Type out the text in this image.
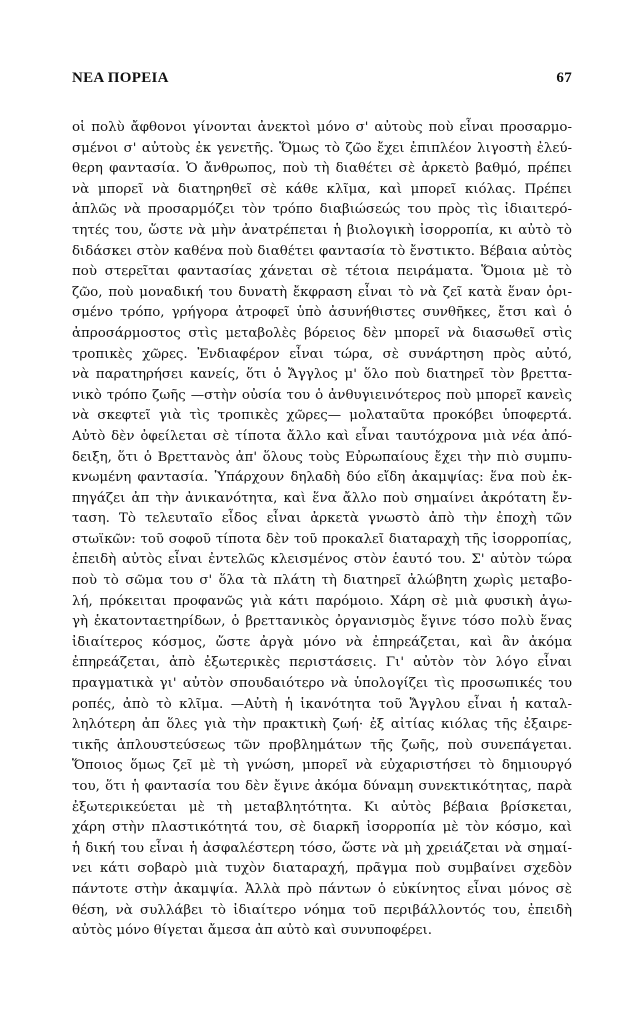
ΝΕΑ ΠΟΡΕΙΑ	67
οἱ πολὺ ἄφθονοι γίνονται ἀνεκτοὶ μόνο σ' αὐτοὺς ποὺ εἶναι προσαρμο-
σμένοι σ' αὐτοὺς ἐκ γενετῆς. Ὅμως τὸ ζῶο ἔχει ἐπιπλέον λιγοστὴ ἐλεύ-
θερη φαντασία. Ὁ ἄνθρωπος, ποὺ τὴ διαθέτει σὲ ἀρκετὸ βαθμό, πρέπει
νὰ μπορεῖ νὰ διατηρηθεῖ σὲ κάθε κλῖμα, καὶ μπορεῖ κιόλας. Πρέπει
ἁπλῶς νὰ προσαρμόζει τὸν τρόπο διαβιώσεώς του πρὸς τὶς ἰδιαιτερό-
τητές του, ὥστε νὰ μὴν ἀνατρέπεται ἡ βιολογικὴ ἰσορροπία, κι αὐτὸ τὸ
διδάσκει στὸν καθένα ποὺ διαθέτει φαντασία τὸ ἔνστικτο. Βέβαια αὐτὸς
ποὺ στερεῖται φαντασίας χάνεται σὲ τέτοια πειράματα. Ὅμοια μὲ τὸ
ζῶο, ποὺ μοναδική του δυνατὴ ἔκφραση εἶναι τὸ νὰ ζεῖ κατὰ ἕναν ὁρι-
σμένο τρόπο, γρήγορα ἀτροφεῖ ὑπὸ ἀσυνήθιστες συνθῆκες, ἔτσι καὶ ὁ
ἀπροσάρμοστος στὶς μεταβολὲς βόρειος δὲν μπορεῖ νὰ διασωθεῖ στὶς
τροπικὲς χῶρες. Ἐνδιαφέρον εἶναι τώρα, σὲ συνάρτηση πρὸς αὐτό,
νὰ παρατηρήσει κανείς, ὅτι ὁ Ἄγγλος μ' ὅλο ποὺ διατηρεῖ τὸν βρεττα-
νικὸ τρόπο ζωῆς —στὴν οὐσία του ὁ ἀνθυγιεινότερος ποὺ μπορεῖ κανεὶς
νὰ σκεφτεῖ γιὰ τὶς τροπικὲς χῶρες— μολαταῦτα προκόβει ὑποφερτά.
Αὐτὸ δὲν ὀφείλεται σὲ τίποτα ἄλλο καὶ εἶναι ταυτόχρονα μιὰ νέα ἀπό-
δειξη, ὅτι ὁ Βρεττανὸς ἀπ' ὅλους τοὺς Εὐρωπαίους ἔχει τὴν πιὸ συμπυ-
κνωμένη φαντασία. Ὑπάρχουν δηλαδὴ δύο εἴδη ἀκαμψίας: ἕνα ποὺ ἐκ-
πηγάζει ἀπ τὴν ἀνικανότητα, καὶ ἕνα ἄλλο ποὺ σημαίνει ἀκρότατη ἔν-
ταση. Τὸ τελευταῖο εἶδος εἶναι ἀρκετὰ γνωστὸ ἀπὸ τὴν ἐποχὴ τῶν
στωϊκῶν: τοῦ σοφοῦ τίποτα δὲν τοῦ προκαλεῖ διαταραχὴ τῆς ἰσορροπίας,
ἐπειδὴ αὐτὸς εἶναι ἐντελῶς κλεισμένος στὸν ἑαυτό του. Σ' αὐτὸν τώρα
ποὺ τὸ σῶμα του σ' ὅλα τὰ πλάτη τὴ διατηρεῖ ἀλώβητη χωρὶς μεταβο-
λή, πρόκειται προφανῶς γιὰ κάτι παρόμοιο. Χάρη σὲ μιὰ φυσικὴ ἀγω-
γὴ ἑκατονταετηρίδων, ὁ βρεττανικὸς ὀργανισμὸς ἔγινε τόσο πολὺ ἕνας
ἰδιαίτερος κόσμος, ὥστε ἀργὰ μόνο νὰ ἐπηρεάζεται, καὶ ἂν ἀκόμα
ἐπηρεάζεται, ἀπὸ ἐξωτερικὲς περιστάσεις. Γι' αὐτὸν τὸν λόγο εἶναι
πραγματικὰ γι' αὐτὸν σπουδαιότερο νὰ ὑπολογίζει τὶς προσωπικές του
ροπές, ἀπὸ τὸ κλῖμα. —Αὐτὴ ἡ ἱκανότητα τοῦ Ἄγγλου εἶναι ἡ καταλ-
ληλότερη ἀπ ὅλες γιὰ τὴν πρακτικὴ ζωή· ἐξ αἰτίας κιόλας τῆς ἐξαιρε-
τικῆς ἁπλουστεύσεως τῶν προβλημάτων τῆς ζωῆς, ποὺ συνεπάγεται.
Ὅποιος ὅμως ζεῖ μὲ τὴ γνώση, μπορεῖ νὰ εὐχαριστήσει τὸ δημιουργό
του, ὅτι ἡ φαντασία του δὲν ἔγινε ἀκόμα δύναμη συνεκτικότητας, παρὰ
ἐξωτερικεύεται μὲ τὴ μεταβλητότητα. Κι αὐτὸς βέβαια βρίσκεται,
χάρη στὴν πλαστικότητά του, σὲ διαρκῆ ἰσορροπία μὲ τὸν κόσμο, καὶ
ἡ δική του εἶναι ἡ ἀσφαλέστερη τόσο, ὥστε νὰ μὴ χρειάζεται νὰ σημαί-
νει κάτι σοβαρὸ μιὰ τυχὸν διαταραχή, πρᾶγμα ποὺ συμβαίνει σχεδὸν
πάντοτε στὴν ἀκαμψία. Ἀλλὰ πρὸ πάντων ὁ εὐκίνητος εἶναι μόνος σὲ
θέση, νὰ συλλάβει τὸ ἰδιαίτερο νόημα τοῦ περιβάλλοντός του, ἐπειδὴ
αὐτὸς μόνο θίγεται ἄμεσα ἀπ αὐτὸ καὶ συνυποφέρει.
